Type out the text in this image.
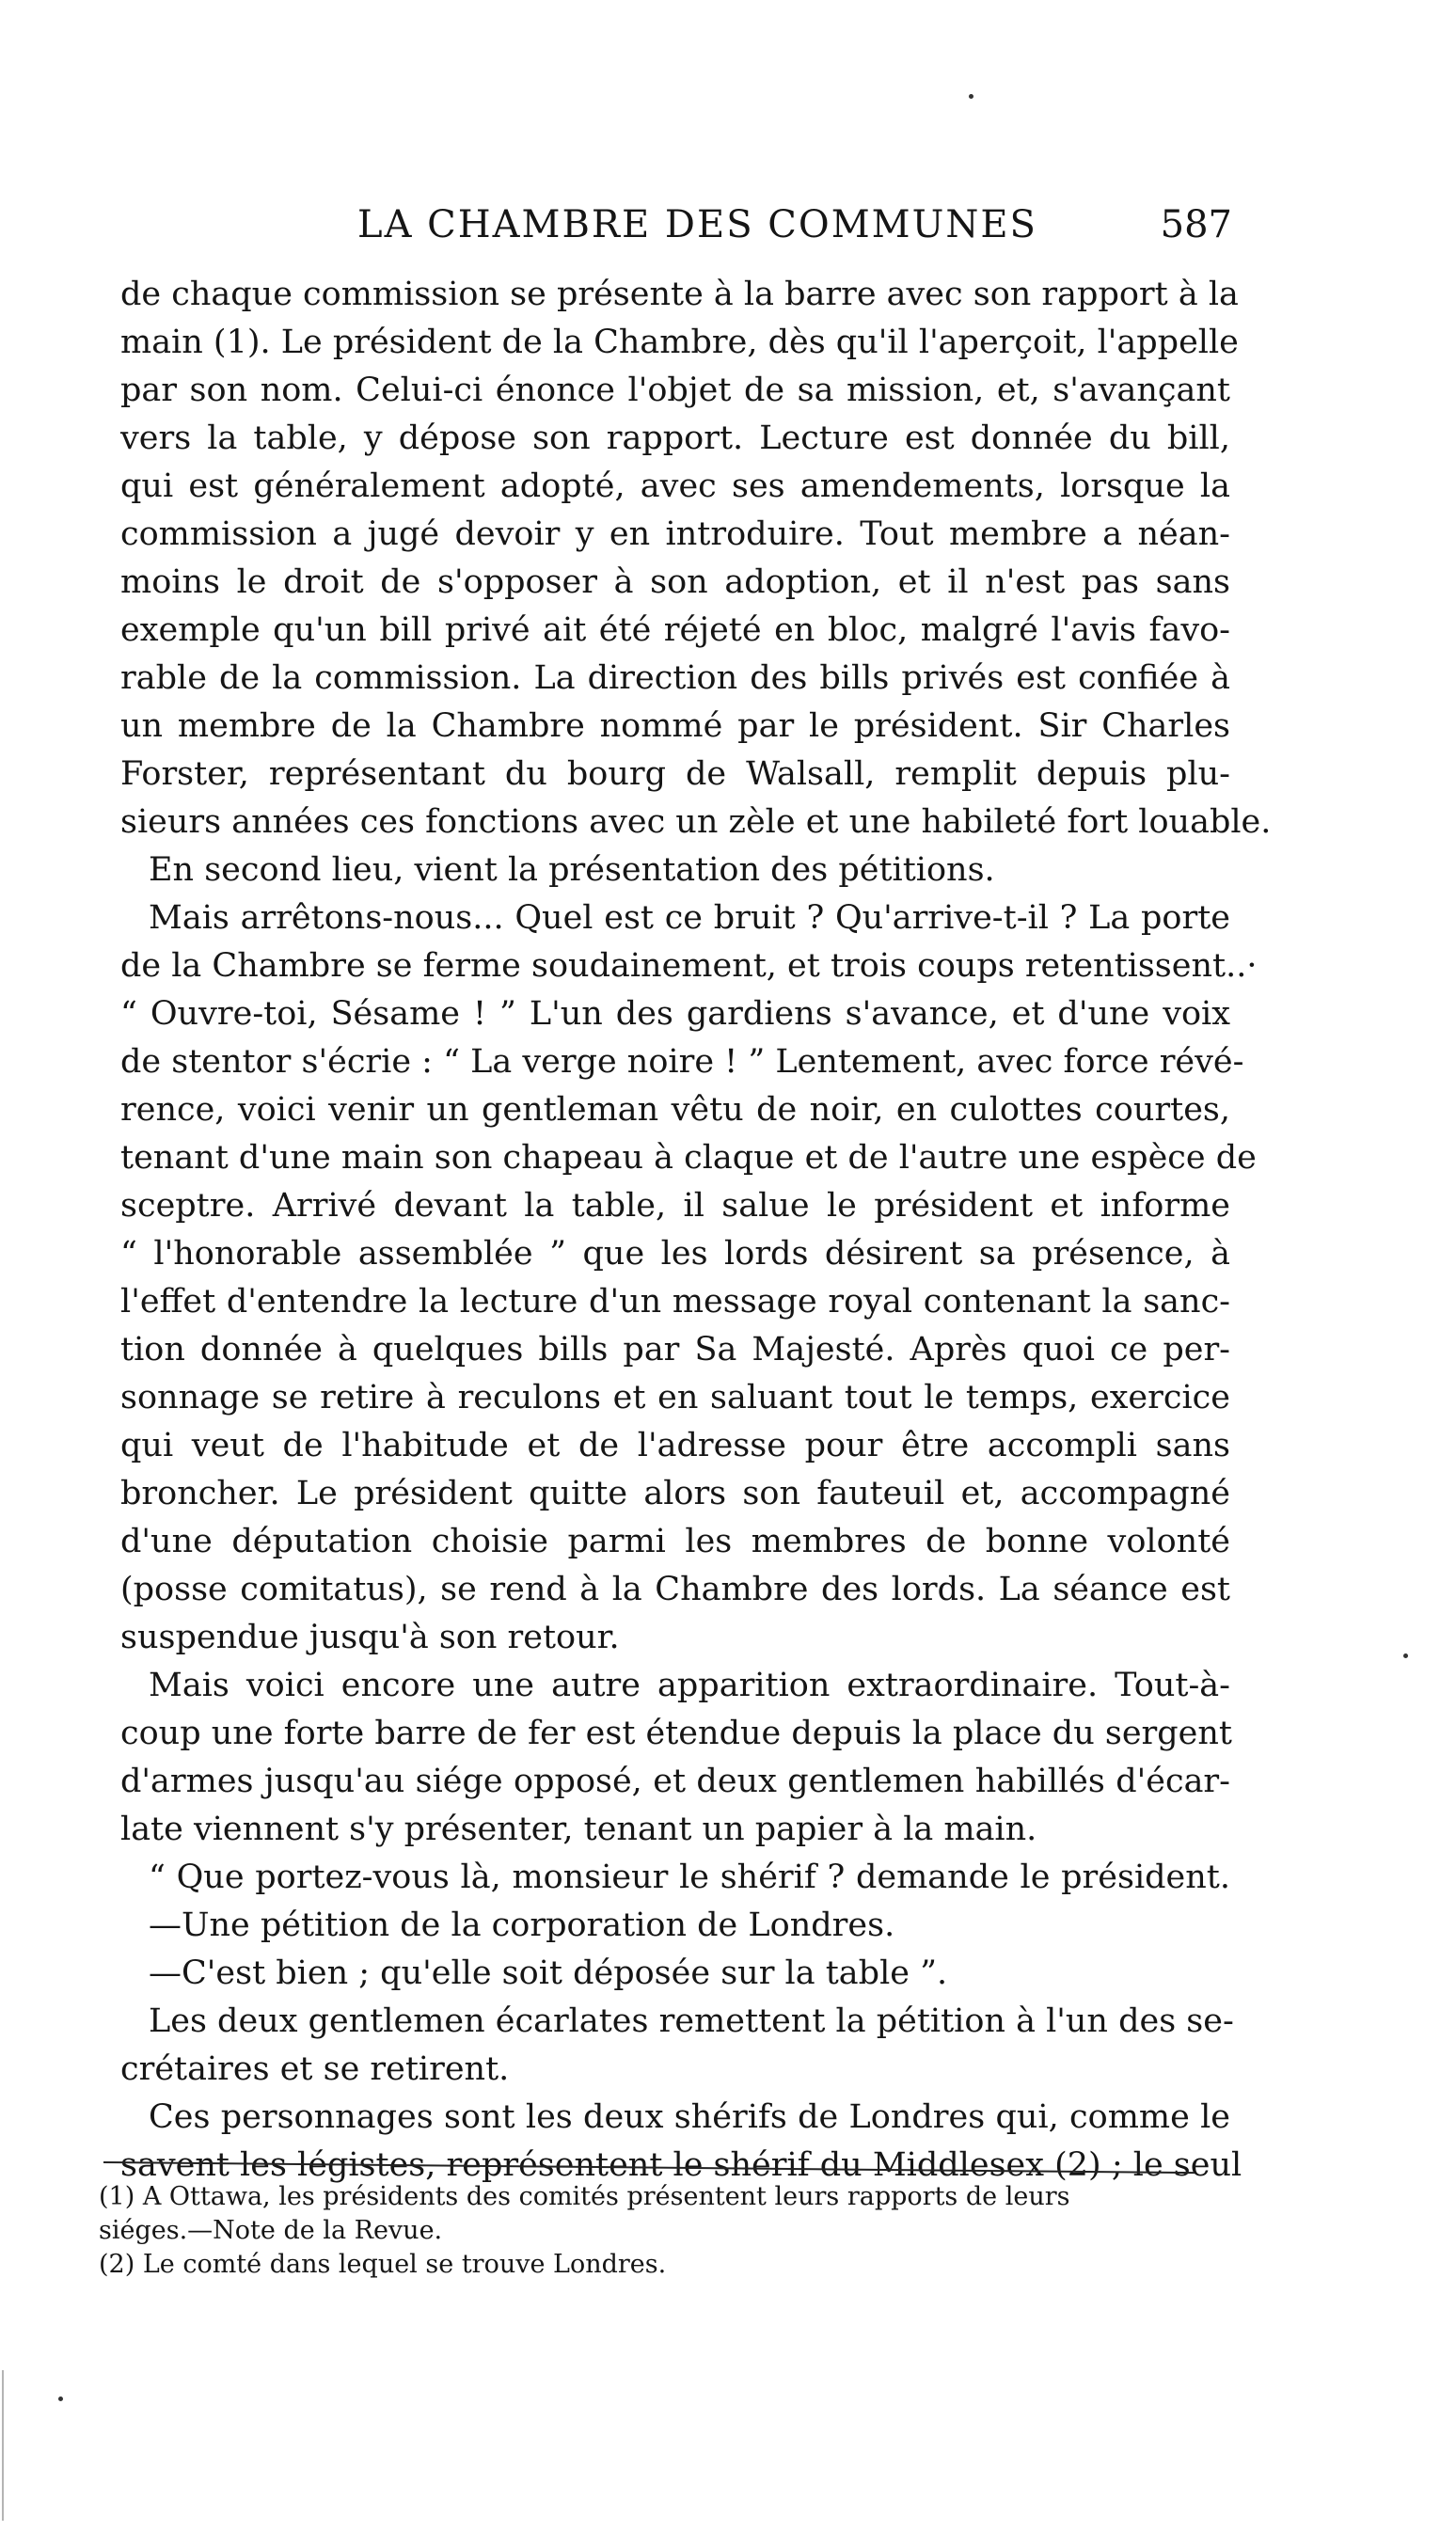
LA CHAMBRE DES COMMUNES	587
de chaque commission se présente à la barre avec son rapport à la
main (1). Le président de la Chambre, dès qu'il l'aperçoit, l'appelle
par son nom. Celui-ci énonce l'objet de sa mission, et, s'avançant
vers la table, y dépose son rapport. Lecture est donnée du bill,
qui est généralement adopté, avec ses amendements, lorsque la
commission a jugé devoir y en introduire. Tout membre a néan-
moins le droit de s'opposer à son adoption, et il n'est pas sans
exemple qu'un bill privé ait été réjeté en bloc, malgré l'avis favo-
rable de la commission. La direction des bills privés est confiée à
un membre de la Chambre nommé par le président. Sir Charles
Forster, représentant du bourg de Walsall, remplit depuis plu-
sieurs années ces fonctions avec un zèle et une habileté fort louable.
En second lieu, vient la présentation des pétitions.
Mais arrêtons-nous... Quel est ce bruit ? Qu'arrive-t-il ? La porte
de la Chambre se ferme soudainement, et trois coups retentissent..·
“ Ouvre-toi, Sésame ! ” L'un des gardiens s'avance, et d'une voix
de stentor s'écrie : “ La verge noire ! ” Lentement, avec force révé-
rence, voici venir un gentleman vêtu de noir, en culottes courtes,
tenant d'une main son chapeau à claque et de l'autre une espèce de
sceptre. Arrivé devant la table, il salue le président et informe
“ l'honorable assemblée ” que les lords désirent sa présence, à
l'effet d'entendre la lecture d'un message royal contenant la sanc-
tion donnée à quelques bills par Sa Majesté. Après quoi ce per-
sonnage se retire à reculons et en saluant tout le temps, exercice
qui veut de l'habitude et de l'adresse pour être accompli sans
broncher. Le président quitte alors son fauteuil et, accompagné
d'une députation choisie parmi les membres de bonne volonté
(posse comitatus), se rend à la Chambre des lords. La séance est
suspendue jusqu'à son retour.
Mais voici encore une autre apparition extraordinaire. Tout-à-
coup une forte barre de fer est étendue depuis la place du sergent
d'armes jusqu'au siége opposé, et deux gentlemen habillés d'écar-
late viennent s'y présenter, tenant un papier à la main.
“ Que portez-vous là, monsieur le shérif ? demande le président.
—Une pétition de la corporation de Londres.
—C'est bien ; qu'elle soit déposée sur la table ”.
Les deux gentlemen écarlates remettent la pétition à l'un des se-
crétaires et se retirent.
Ces personnages sont les deux shérifs de Londres qui, comme le
savent les légistes, représentent le shérif du Middlesex (2) ; le seul
(1) A Ottawa, les présidents des comités présentent leurs rapports de leurs
siéges.—Note de la Revue.
(2) Le comté dans lequel se trouve Londres.
